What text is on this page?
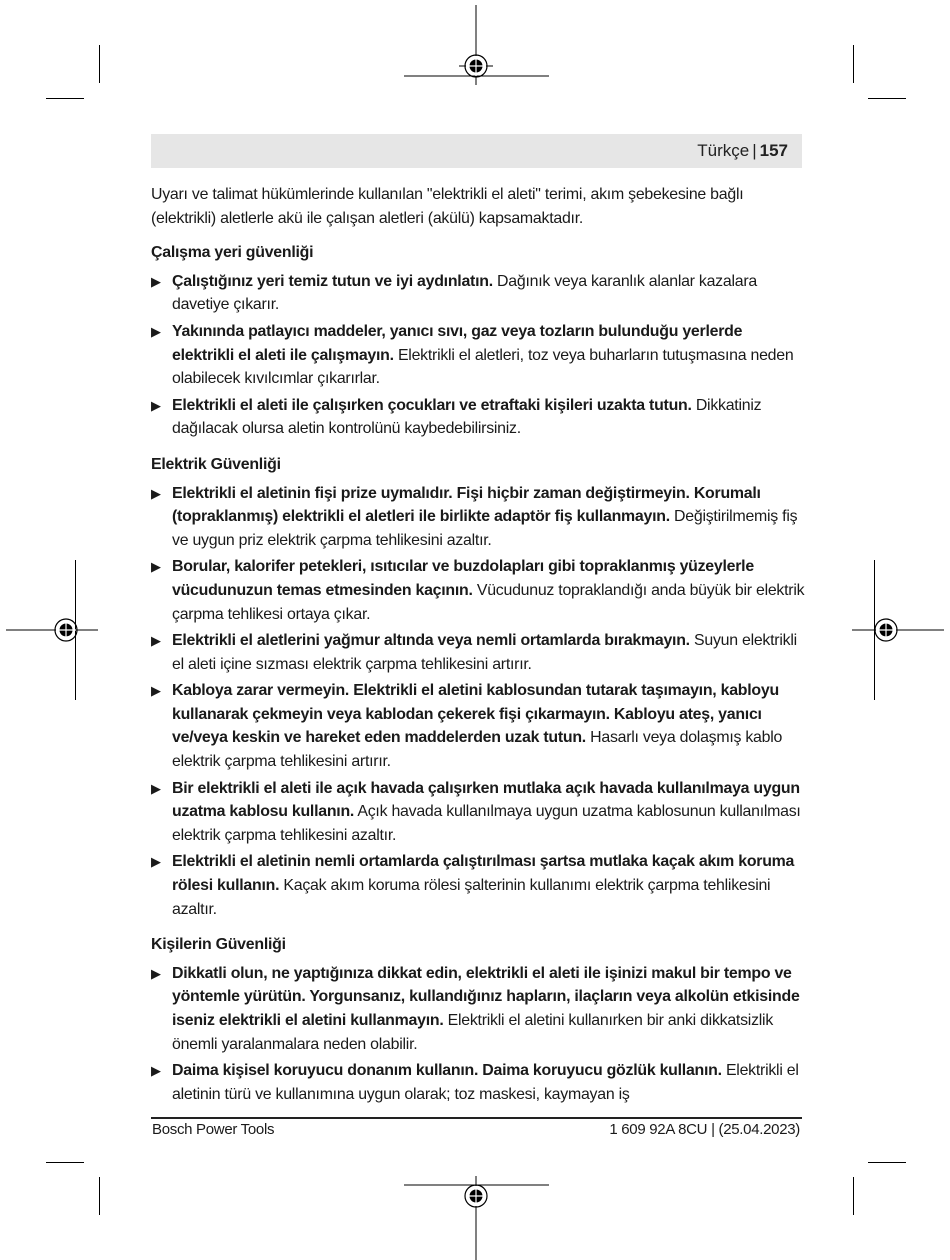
Türkçe | 157

Uyarı ve talimat hükümlerinde kullanılan "elektrikli el aleti" terimi, akım şebekesine bağlı (elektrikli) aletlerle akü ile çalışan aletleri (akülü) kapsamaktadır.

Çalışma yeri güvenliği
▶ Çalıştığınız yeri temiz tutun ve iyi aydınlatın. Dağınık veya karanlık alanlar kazalara davetiye çıkarır.
▶ Yakınında patlayıcı maddeler, yanıcı sıvı, gaz veya tozların bulunduğu yerlerde elektrikli el aleti ile çalışmayın. Elektrikli el aletleri, toz veya buharların tutuşmasına neden olabilecek kıvılcımlar çıkarırlar.
▶ Elektrikli el aleti ile çalışırken çocukları ve etraftaki kişileri uzakta tutun. Dikkatiniz dağılacak olursa aletin kontrolünü kaybedebilirsiniz.
Elektrik Güvenliği
▶ Elektrikli el aletinin fişi prize uymalıdır. Fişi hiçbir zaman değiştirmeyin. Korumalı (topraklanmış) elektrikli el aletleri ile birlikte adaptör fiş kullanmayın. Değiştirilmemiş fiş ve uygun priz elektrik çarpma tehlikesini azaltır.
▶ Borular, kalorifer petekleri, ısıtıcılar ve buzdolapları gibi topraklanmış yüzeylerle vücudunuzun temas etmesinden kaçının. Vücudunuz topraklandığı anda büyük bir elektrik çarpma tehlikesi ortaya çıkar.
▶ Elektrikli el aletlerini yağmur altında veya nemli ortamlarda bırakmayın. Suyun elektrikli el aleti içine sızması elektrik çarpma tehlikesini artırır.
▶ Kabloya zarar vermeyin. Elektrikli el aletini kablosundan tutarak taşımayın, kabloyu kullanarak çekmeyin veya kablodan çekerek fişi çıkarmayın. Kabloyu ateş, yanıcı ve/veya keskin ve hareket eden maddelerden uzak tutun. Hasarlı veya dolaşmış kablo elektrik çarpma tehlikesini artırır.
▶ Bir elektrikli el aleti ile açık havada çalışırken mutlaka açık havada kullanılmaya uygun uzatma kablosu kullanın. Açık havada kullanılmaya uygun uzatma kablosunun kullanılması elektrik çarpma tehlikesini azaltır.
▶ Elektrikli el aletinin nemli ortamlarda çalıştırılması şartsa mutlaka kaçak akım koruma rölesi kullanın. Kaçak akım koruma rölesi şalterinin kullanımı elektrik çarpma tehlikesini azaltır.
Kişilerin Güvenliği
▶ Dikkatli olun, ne yaptığınıza dikkat edin, elektrikli el aleti ile işinizi makul bir tempo ve yöntemle yürütün. Yorgunsanız, kullandığınız hapların, ilaçların veya alkolün etkisinde iseniz elektrikli el aletini kullanmayın. Elektrikli el aletini kullanırken bir anki dikkatsizlik önemli yaralanmalara neden olabilir.
▶ Daima kişisel koruyucu donanım kullanın. Daima koruyucu gözlük kullanın. Elektrikli el aletinin türü ve kullanımına uygun olarak; toz maskesi, kaymayan iş
Bosch Power Tools	1 609 92A 8CU | (25.04.2023)
